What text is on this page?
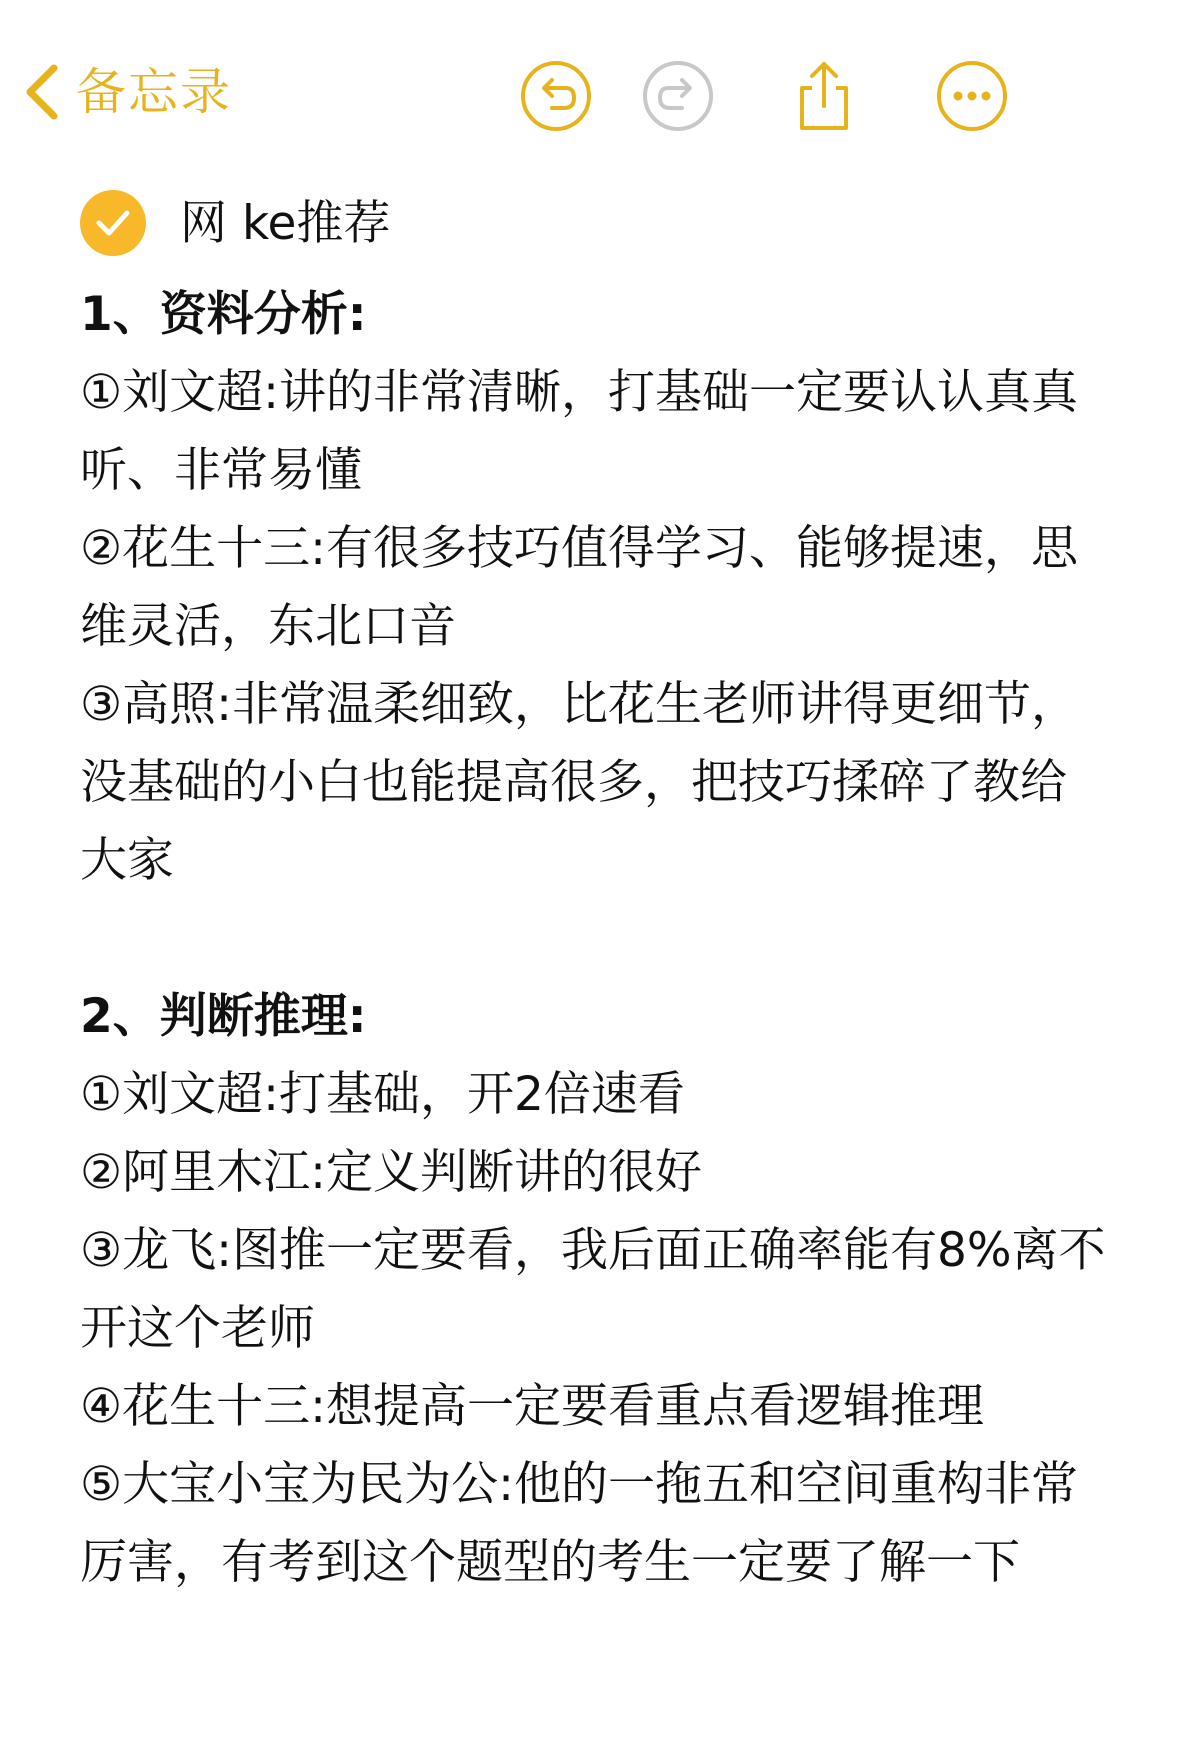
备忘录
网 ke推荐

1、资料分析:

①刘文超:讲的非常清晰，打基础一定要认认真真听、非常易懂

②花生十三:有很多技巧值得学习、能够提速，思维灵活，东北口音

③高照:非常温柔细致，比花生老师讲得更细节，没基础的小白也能提高很多，把技巧揉碎了教给大家

2、判断推理:

①刘文超:打基础，开2倍速看

②阿里木江:定义判断讲的很好

③龙飞:图推一定要看，我后面正确率能有8%离不开这个老师

④花生十三:想提高一定要看重点看逻辑推理

⑤大宝小宝为民为公:他的一拖五和空间重构非常厉害，有考到这个题型的考生一定要了解一下
